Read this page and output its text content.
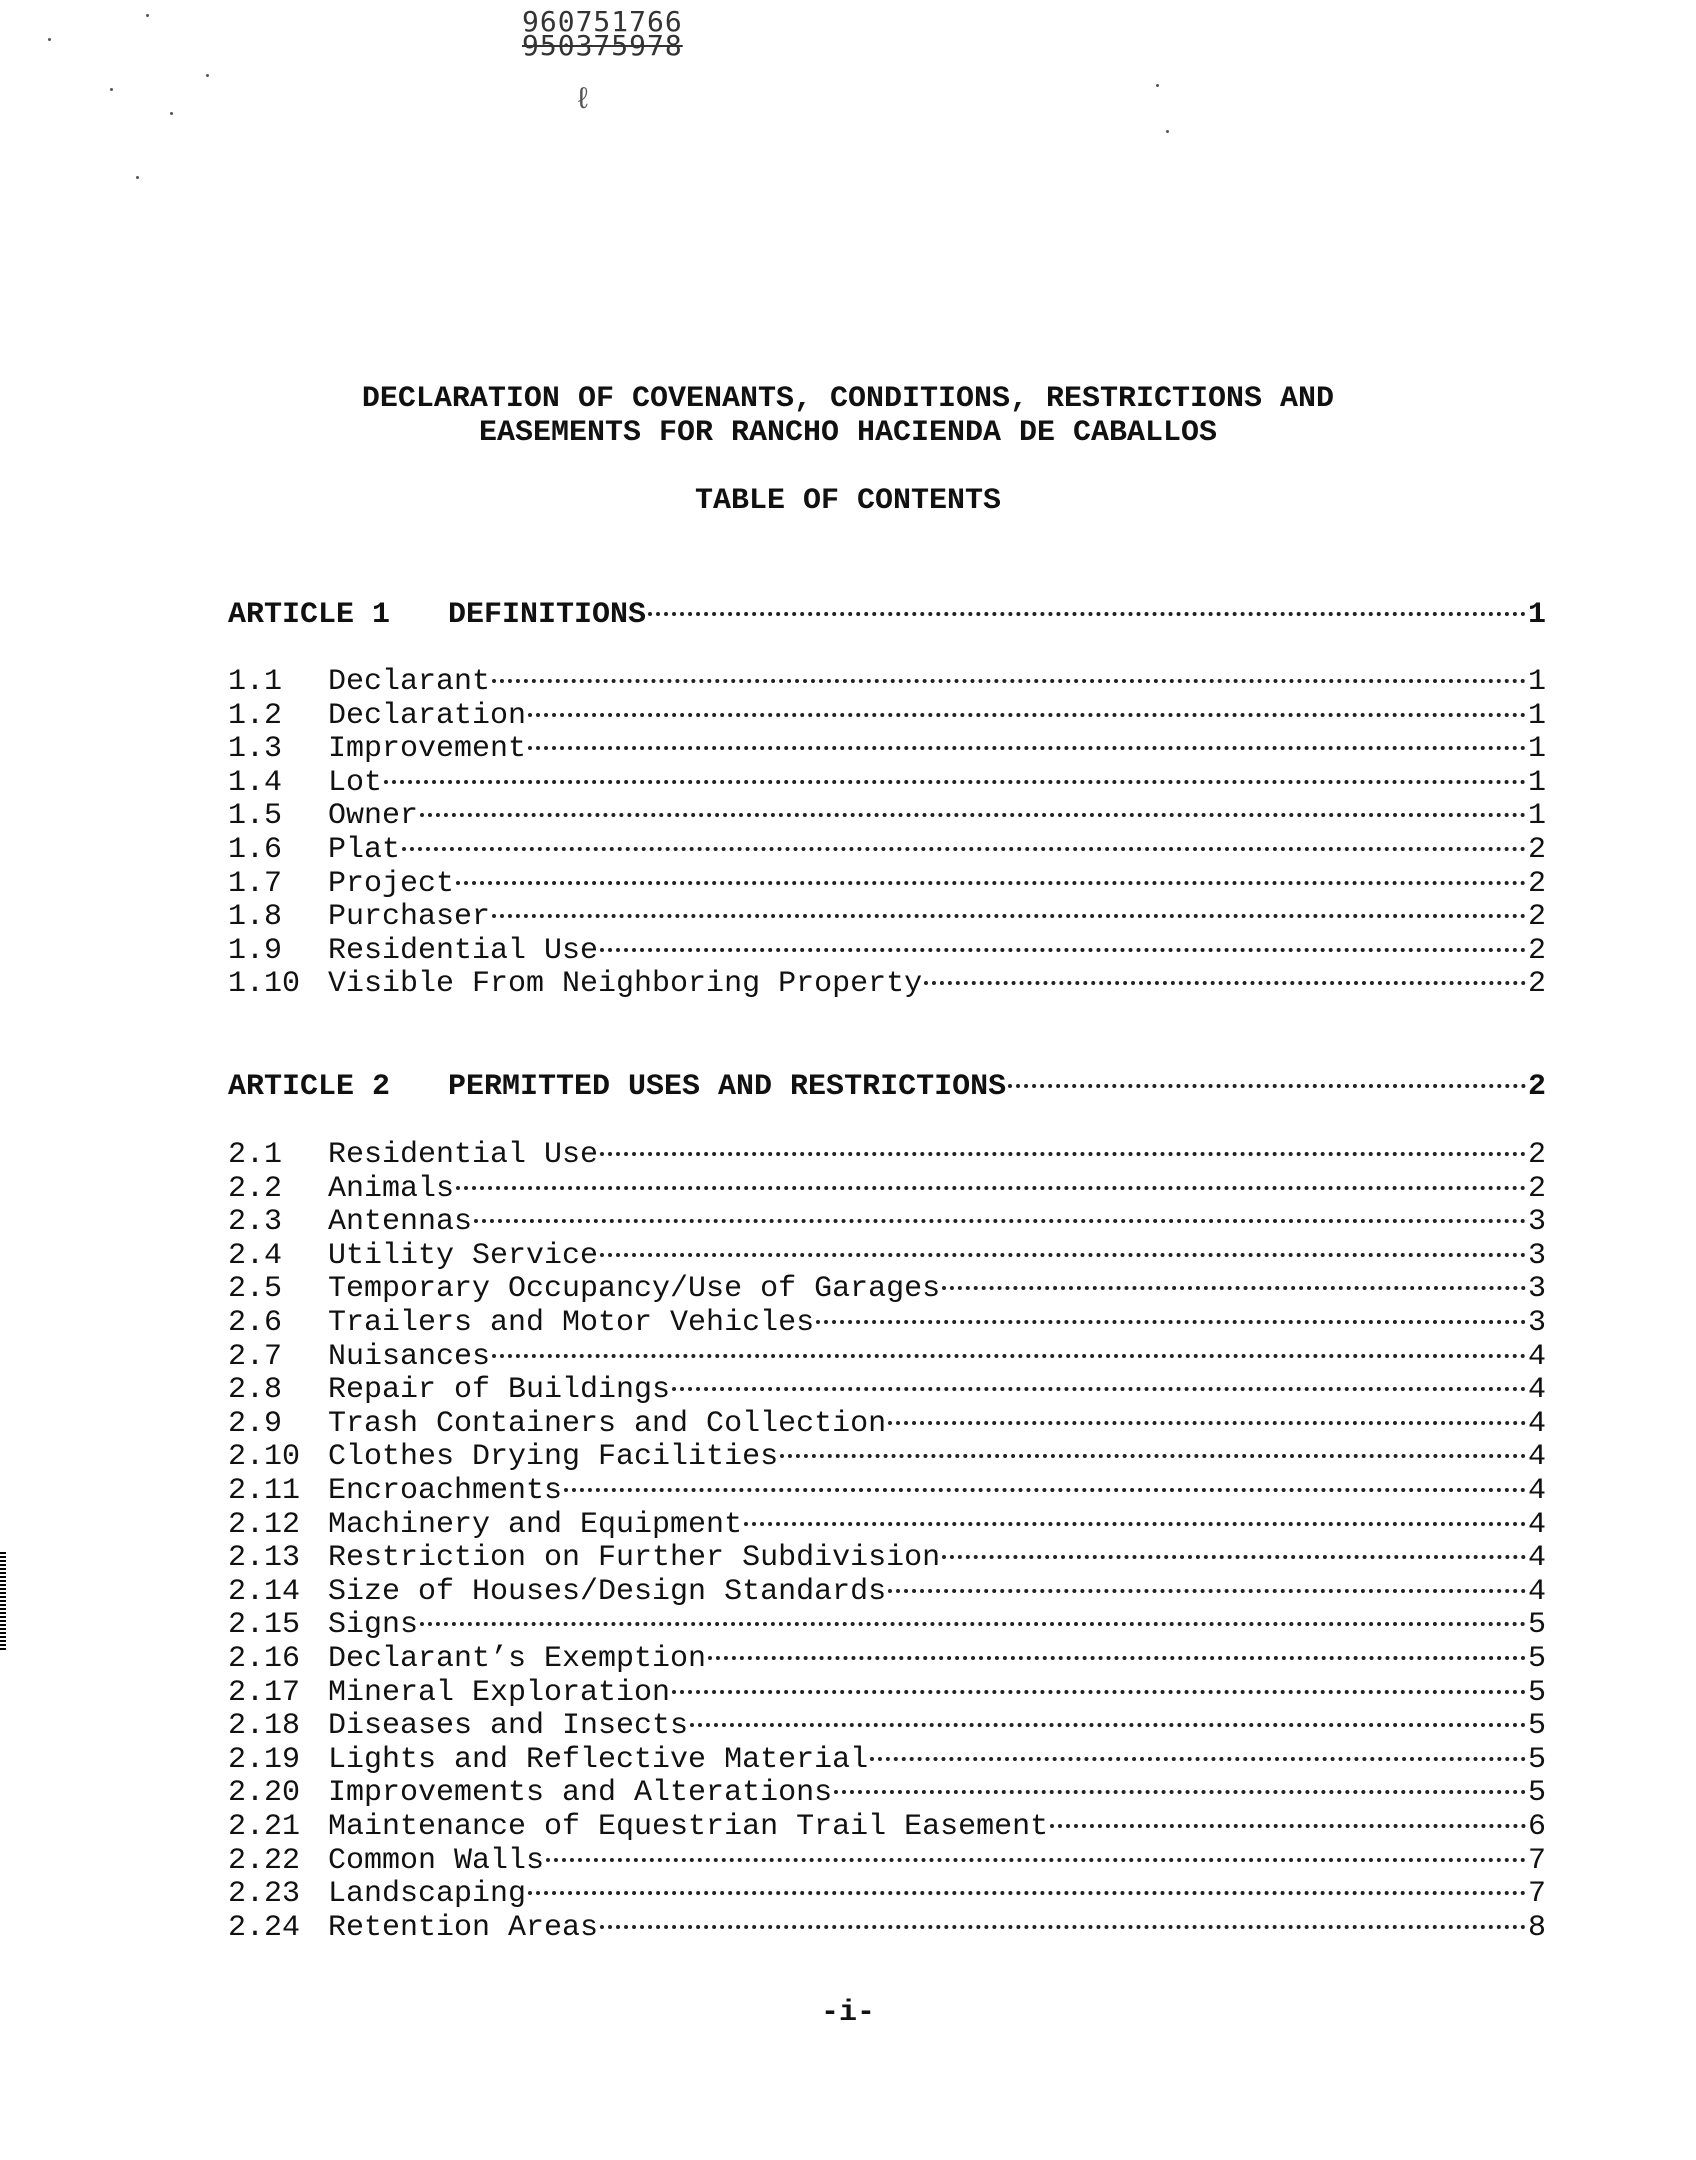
960751766
950375978
ℓ
DECLARATION OF COVENANTS, CONDITIONS, RESTRICTIONS AND
EASEMENTS FOR RANCHO HACIENDA DE CABALLOS
TABLE OF CONTENTS
ARTICLE 1	DEFINITIONS	1
1.1	Declarant	1
1.2	Declaration	1
1.3	Improvement	1
1.4	Lot	1
1.5	Owner	1
1.6	Plat	2
1.7	Project	2
1.8	Purchaser	2
1.9	Residential Use	2
1.10 Visible From Neighboring Property	2
ARTICLE 2	PERMITTED USES AND RESTRICTIONS	2
2.1	Residential Use	2
2.2	Animals	2
2.3	Antennas	3
2.4	Utility Service	3
2.5	Temporary Occupancy/Use of Garages	3
2.6	Trailers and Motor Vehicles	3
2.7	Nuisances	4
2.8	Repair of Buildings	4
2.9	Trash Containers and Collection	4
2.10 Clothes Drying Facilities	4
2.11 Encroachments	4
2.12 Machinery and Equipment	4
2.13 Restriction on Further Subdivision	4
2.14 Size of Houses/Design Standards	4
2.15 Signs	5
2.16 Declarant’s Exemption	5
2.17 Mineral Exploration	5
2.18 Diseases and Insects	5
2.19 Lights and Reflective Material	5
2.20 Improvements and Alterations	5
2.21 Maintenance of Equestrian Trail Easement	6
2.22 Common Walls	7
2.23 Landscaping	7
2.24 Retention Areas	8
-i-
